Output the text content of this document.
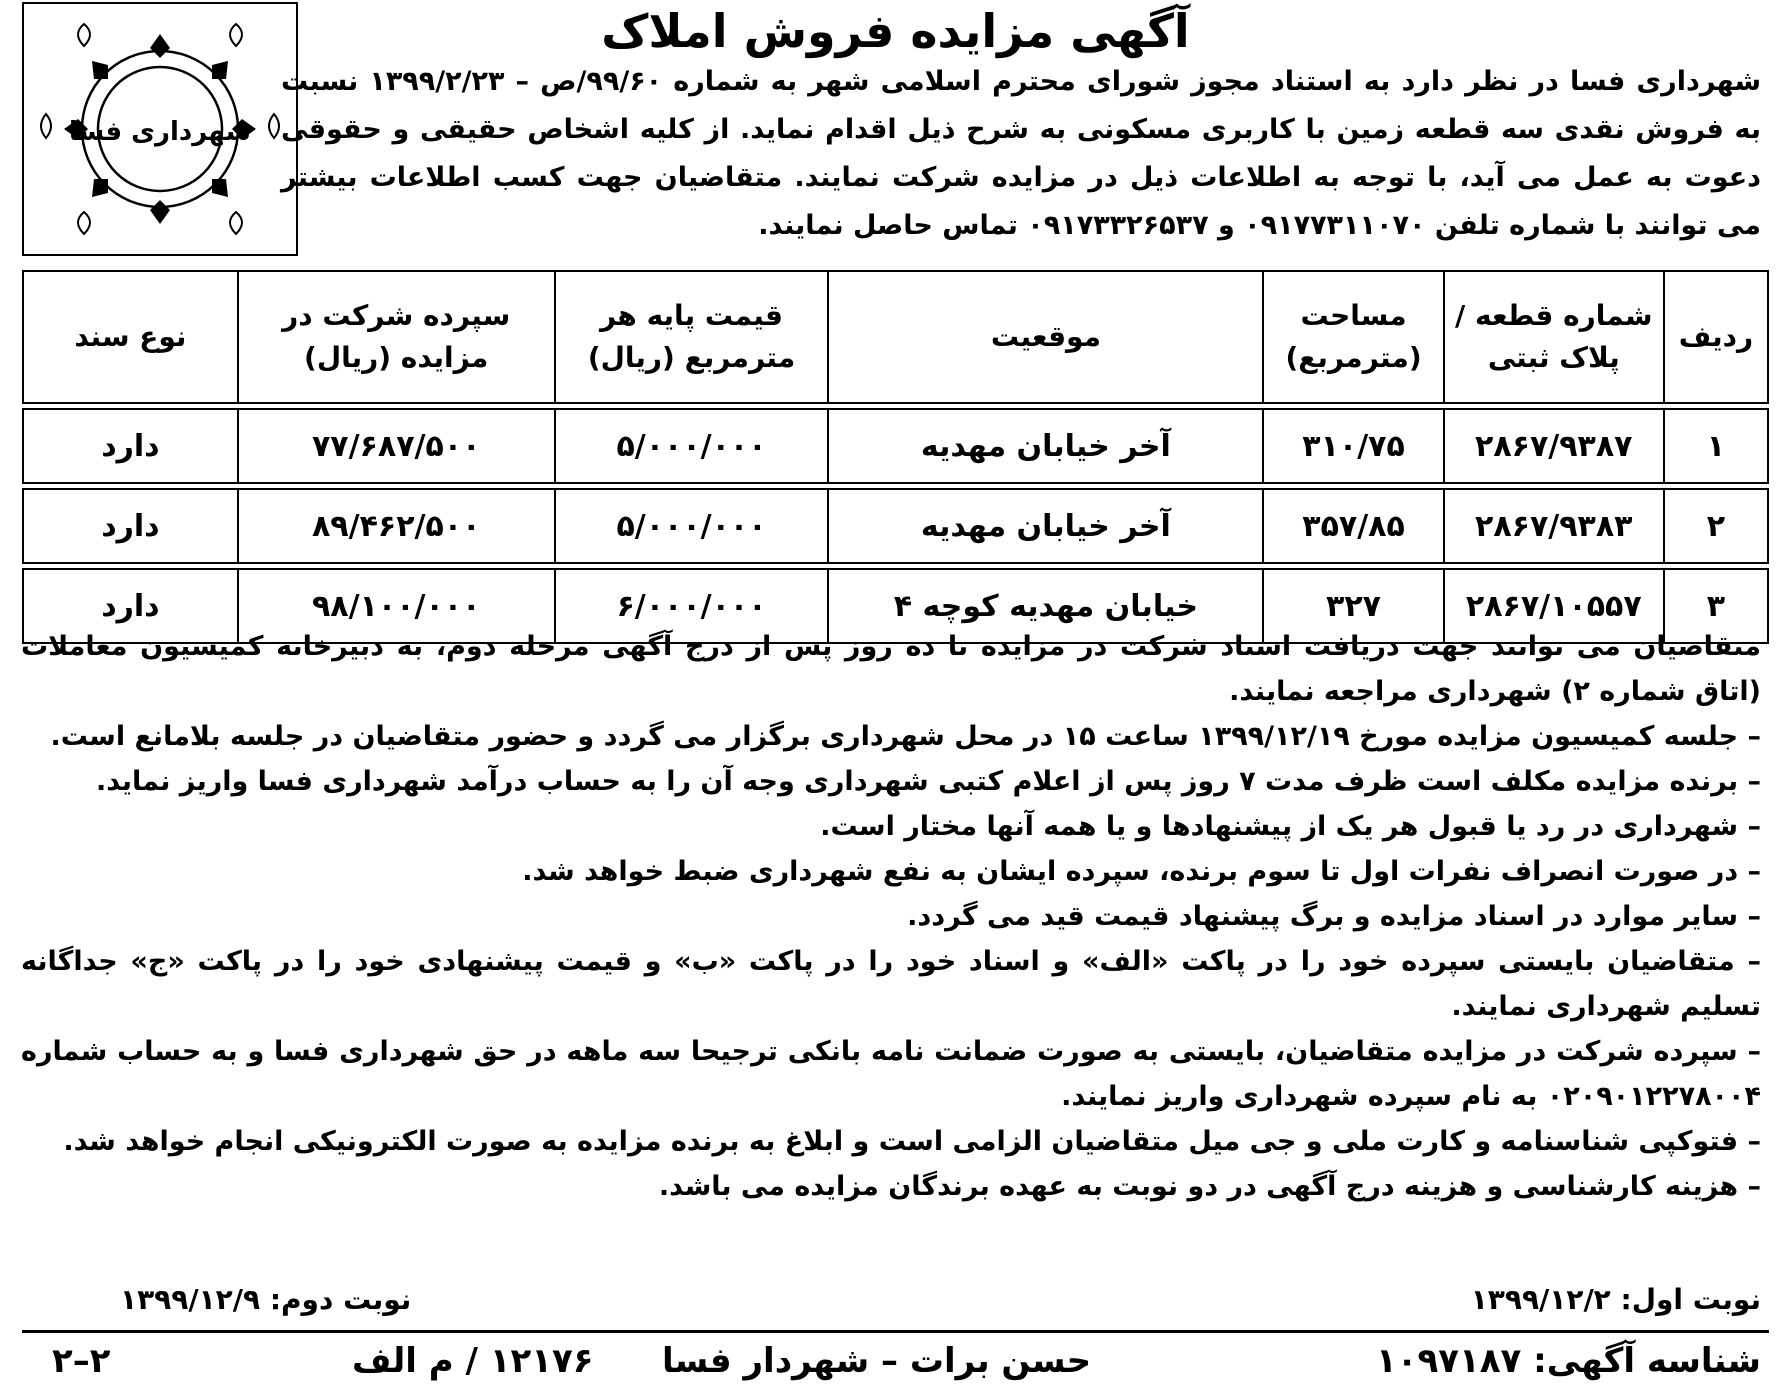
آگهی مزایده فروش املاک
شهرداری فسا
شهرداری فسا در نظر دارد به استناد مجوز شورای محترم اسلامی شهر به شماره ۹۹/۶۰/ص – ۱۳۹۹/۲/۲۳ نسبت به فروش نقدی سه قطعه زمین با کاربری مسکونی به شرح ذیل اقدام نماید. از کلیه اشخاص حقیقی و حقوقی دعوت به عمل می آید، با توجه به اطلاعات ذیل در مزایده شرکت نمایند. متقاضیان جهت کسب اطلاعات بیشتر می توانند با شماره تلفن ۰۹۱۷۷۳۱۱۰۷۰ و ۰۹۱۷۳۳۲۶۵۳۷ تماس حاصل نمایند.
ردیف	شماره قطعه / پلاک ثبتی	مساحت (مترمربع)	موقعیت	قیمت پایه هر مترمربع (ریال)	سپرده شرکت در مزایده (ریال)	نوع سند

۱	۲۸۶۷/۹۳۸۷	۳۱۰/۷۵	آخر خیابان مهدیه	۵/۰۰۰/۰۰۰	۷۷/۶۸۷/۵۰۰	دارد

۲	۲۸۶۷/۹۳۸۳	۳۵۷/۸۵	آخر خیابان مهدیه	۵/۰۰۰/۰۰۰	۸۹/۴۶۲/۵۰۰	دارد

۳	۲۸۶۷/۱۰۵۵۷	۳۲۷	خیابان مهدیه کوچه ۴	۶/۰۰۰/۰۰۰	۹۸/۱۰۰/۰۰۰	دارد

متقاضیان می توانند جهت دریافت اسناد شرکت در مزایده تا ده روز پس از درج آگهی مرحله دوم، به دبیرخانه کمیسیون معاملات (اتاق شماره ۲) شهرداری مراجعه نمایند.

– جلسه کمیسیون مزایده مورخ ۱۳۹۹/۱۲/۱۹ ساعت ۱۵ در محل شهرداری برگزار می گردد و حضور متقاضیان در جلسه بلامانع است.

– برنده مزایده مکلف است ظرف مدت ۷ روز پس از اعلام کتبی شهرداری وجه آن را به حساب درآمد شهرداری فسا واریز نماید.

– شهرداری در رد یا قبول هر یک از پیشنهادها و یا همه آنها مختار است.

– در صورت انصراف نفرات اول تا سوم برنده، سپرده ایشان به نفع شهرداری ضبط خواهد شد.

– سایر موارد در اسناد مزایده و برگ پیشنهاد قیمت قید می گردد.

– متقاضیان بایستی سپرده خود را در پاکت «الف» و اسناد خود را در پاکت «ب» و قیمت پیشنهادی خود را در پاکت «ج» جداگانه تسلیم شهرداری نمایند.

– سپرده شرکت در مزایده متقاضیان، بایستی به صورت ضمانت نامه بانکی ترجیحا سه ماهه در حق شهرداری فسا و به حساب شماره ۰۲۰۹۰۱۲۲۷۸۰۰۴ به نام سپرده شهرداری واریز نمایند.

– فتوکپی شناسنامه و کارت ملی و جی میل متقاضیان الزامی است و ابلاغ به برنده مزایده به صورت الکترونیکی انجام خواهد شد.

– هزینه کارشناسی و هزینه درج آگهی در دو نوبت به عهده برندگان مزایده می باشد.

نوبت اول: ۱۳۹۹/۱۲/۲
نوبت دوم: ۱۳۹۹/۱۲/۹
شناسه آگهی: ۱۰۹۷۱۸۷
حسن برات – شهردار فسا
۱۲۱۷۶ / م الف
۲–۲
